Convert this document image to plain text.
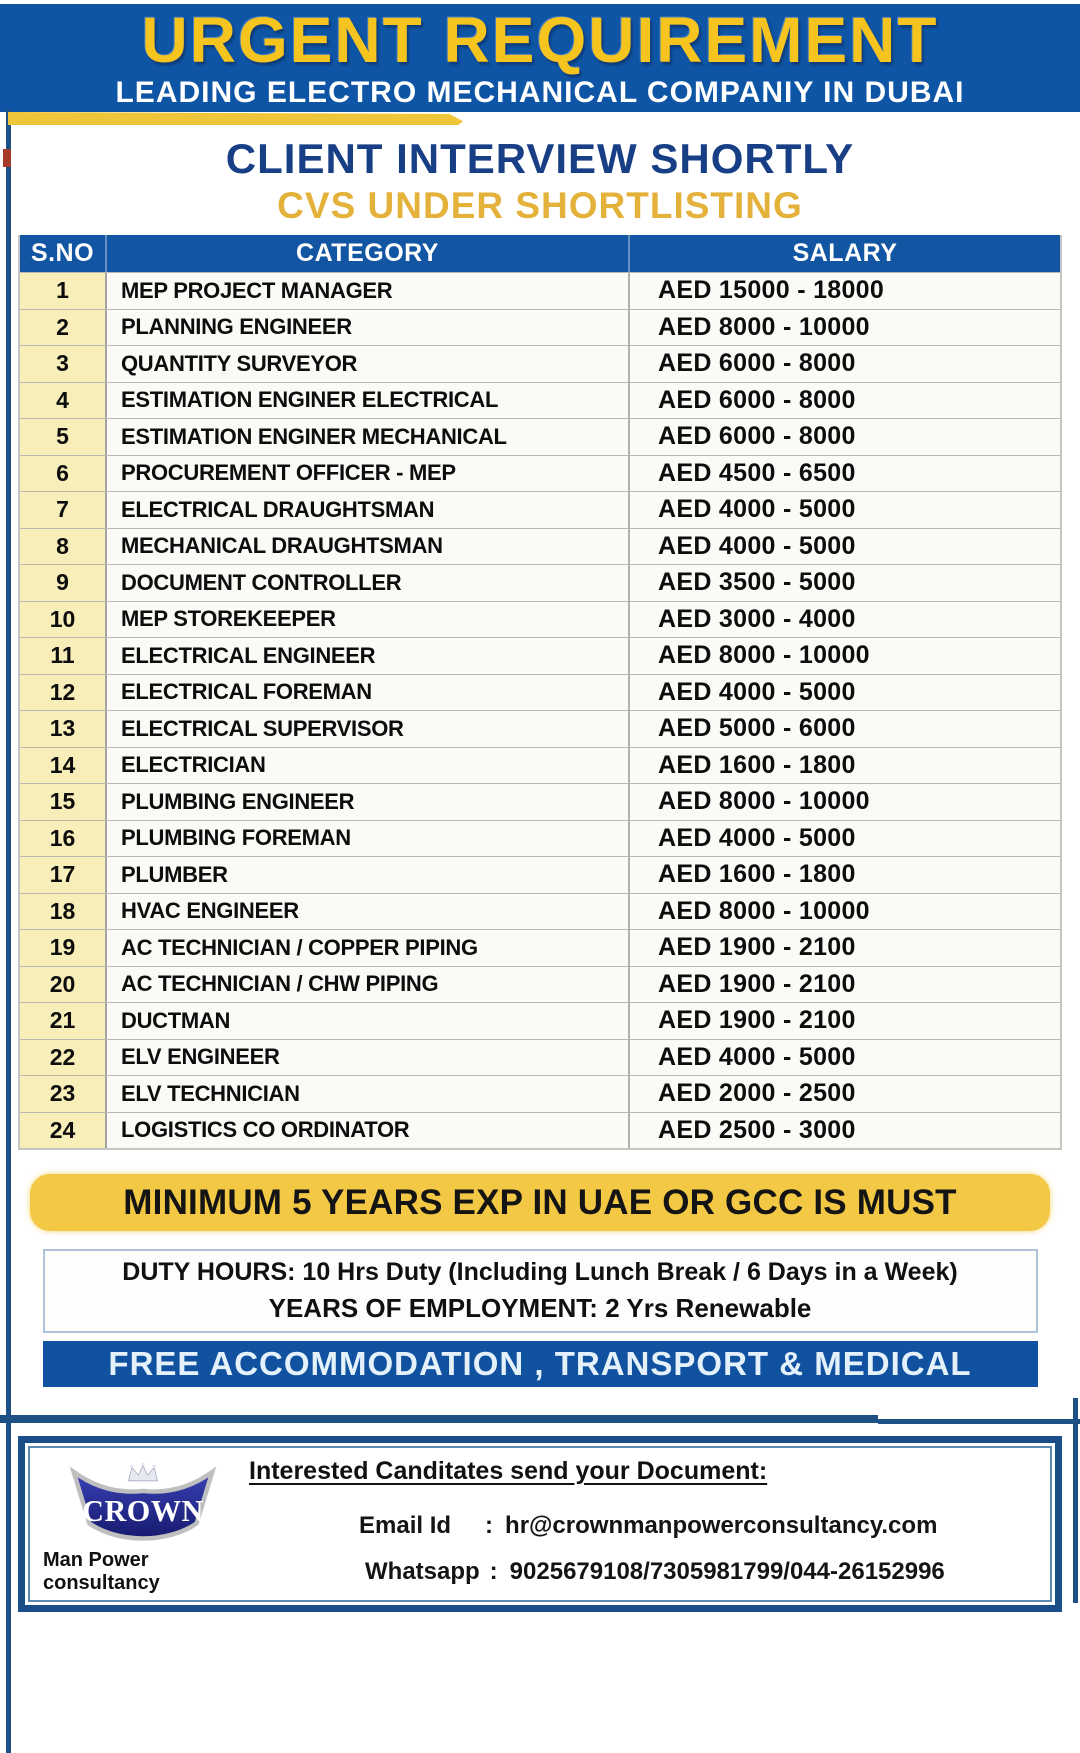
URGENT REQUIREMENT
LEADING ELECTRO MECHANICAL COMPANIY IN DUBAI
CLIENT INTERVIEW SHORTLY
CVS UNDER SHORTLISTING
S.NO	CATEGORY	SALARY
1	MEP PROJECT MANAGER	AED 15000 - 18000
2	PLANNING ENGINEER	AED 8000 - 10000
3	QUANTITY SURVEYOR	AED 6000 - 8000
4	ESTIMATION ENGINER ELECTRICAL	AED 6000 - 8000
5	ESTIMATION ENGINER MECHANICAL	AED 6000 - 8000
6	PROCUREMENT OFFICER - MEP	AED 4500 - 6500
7	ELECTRICAL DRAUGHTSMAN	AED 4000 - 5000
8	MECHANICAL DRAUGHTSMAN	AED 4000 - 5000
9	DOCUMENT CONTROLLER	AED 3500 - 5000
10	MEP STOREKEEPER	AED 3000 - 4000
11	ELECTRICAL ENGINEER	AED 8000 - 10000
12	ELECTRICAL FOREMAN	AED 4000 - 5000
13	ELECTRICAL SUPERVISOR	AED 5000 - 6000
14	ELECTRICIAN	AED 1600 - 1800
15	PLUMBING ENGINEER	AED 8000 - 10000
16	PLUMBING FOREMAN	AED 4000 - 5000
17	PLUMBER	AED 1600 - 1800
18	HVAC ENGINEER	AED 8000 - 10000
19	AC TECHNICIAN / COPPER PIPING	AED 1900 - 2100
20	AC TECHNICIAN / CHW PIPING	AED 1900 - 2100
21	DUCTMAN	AED 1900 - 2100
22	ELV ENGINEER	AED 4000 - 5000
23	ELV TECHNICIAN	AED 2000 - 2500
24	LOGISTICS CO ORDINATOR	AED 2500 - 3000
MINIMUM 5 YEARS EXP IN UAE OR GCC IS MUST
DUTY HOURS: 10 Hrs Duty (Including Lunch Break / 6 Days in a Week)
YEARS OF EMPLOYMENT: 2 Yrs Renewable
FREE ACCOMMODATION , TRANSPORT & MEDICAL
CROWN
Man Power consultancy
Interested Canditates send your Document:
Email Id : hr@crownmanpowerconsultancy.com
Whatsapp : 9025679108/7305981799/044-26152996
